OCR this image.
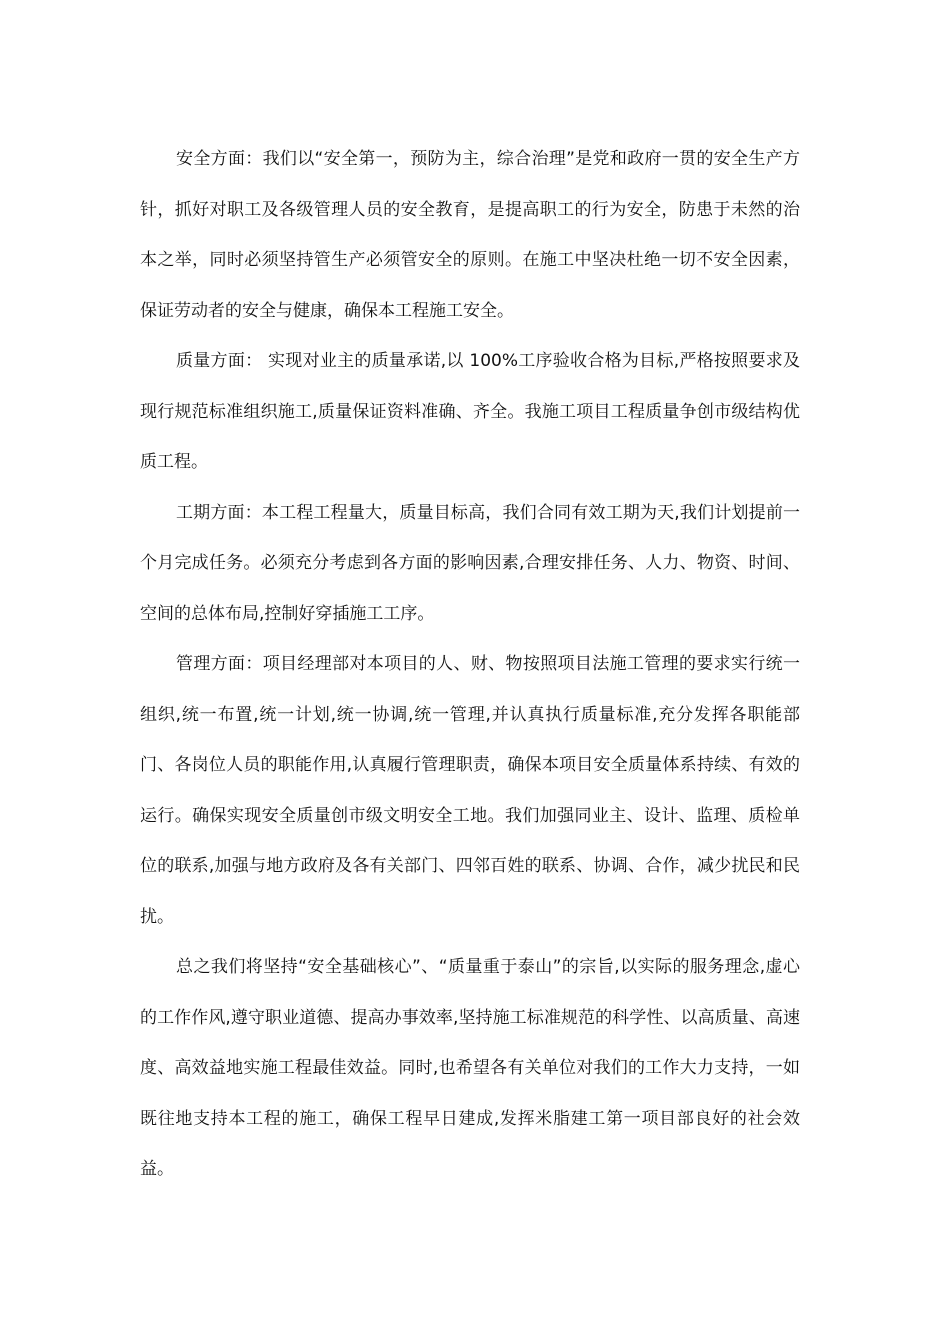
安全方面：我们以“安全第一，预防为主，综合治理”是党和政府一贯的安全生产方针，抓好对职工及各级管理人员的安全教育，是提高职工的行为安全，防患于未然的治本之举，同时必须坚持管生产必须管安全的原则。在施工中坚决杜绝一切不安全因素，保证劳动者的安全与健康，确保本工程施工安全。

质量方面： 实现对业主的质量承诺,以 100%工序验收合格为目标,严格按照要求及现行规范标准组织施工,质量保证资料准确、齐全。我施工项目工程质量争创市级结构优质工程。

工期方面：本工程工程量大，质量目标高，我们合同有效工期为天,我们计划提前一个月完成任务。必须充分考虑到各方面的影响因素,合理安排任务、人力、物资、时间、空间的总体布局,控制好穿插施工工序。

管理方面：项目经理部对本项目的人、财、物按照项目法施工管理的要求实行统一组织,统一布置,统一计划,统一协调,统一管理,并认真执行质量标准,充分发挥各职能部门、各岗位人员的职能作用,认真履行管理职责，确保本项目安全质量体系持续、有效的运行。确保实现安全质量创市级文明安全工地。我们加强同业主、设计、监理、质检单位的联系,加强与地方政府及各有关部门、四邻百姓的联系、协调、合作，减少扰民和民扰。

总之我们将坚持“安全基础核心”、“质量重于泰山”的宗旨,以实际的服务理念,虚心的工作作风,遵守职业道德、提高办事效率,坚持施工标准规范的科学性、以高质量、高速度、高效益地实施工程最佳效益。同时,也希望各有关单位对我们的工作大力支持，一如既往地支持本工程的施工，确保工程早日建成,发挥米脂建工第一项目部良好的社会效益。
